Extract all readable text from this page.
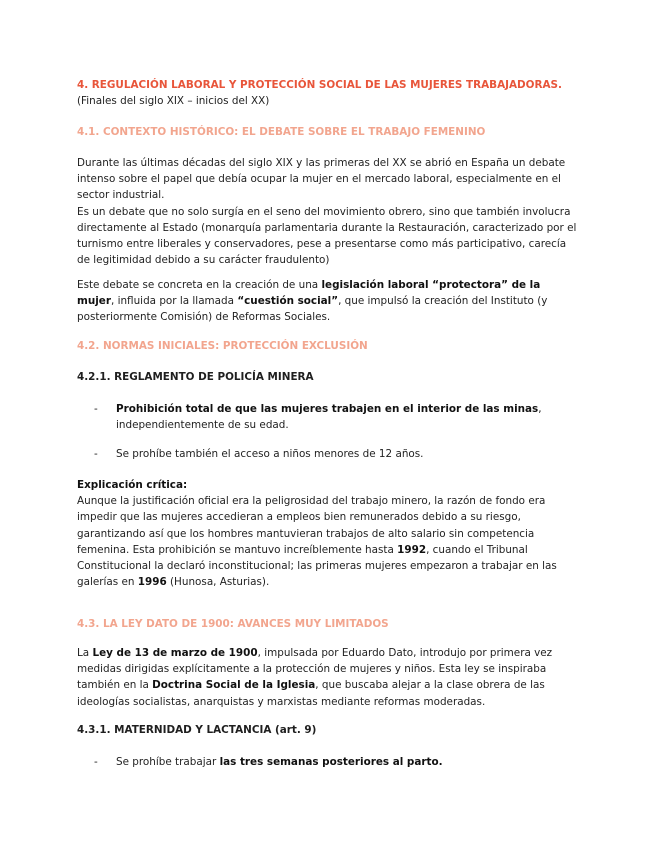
4. REGULACIÓN LABORAL Y PROTECCIÓN SOCIAL DE LAS MUJERES TRABAJADORAS.
(Finales del siglo XIX – inicios del XX)
4.1. CONTEXTO HISTÓRICO: EL DEBATE SOBRE EL TRABAJO FEMENINO

Durante las últimas décadas del siglo XIX y las primeras del XX se abrió en España un debate intenso sobre el papel que debía ocupar la mujer en el mercado laboral, especialmente en el sector industrial.

Es un debate que no solo surgía en el seno del movimiento obrero, sino que también involucra directamente al Estado (monarquía parlamentaria durante la Restauración, caracterizado por el turnismo entre liberales y conservadores, pese a presentarse como más participativo, carecía de legitimidad debido a su carácter fraudulento)

Este debate se concreta en la creación de una legislación laboral “protectora” de la mujer, influida por la llamada “cuestión social”, que impulsó la creación del Instituto (y posteriormente Comisión) de Reformas Sociales.
4.2. NORMAS INICIALES: PROTECCIÓN EXCLUSIÓN
4.2.1. REGLAMENTO DE POLICÍA MINERA
- Prohibición total de que las mujeres trabajen en el interior de las minas, independientemente de su edad.
- Se prohíbe también el acceso a niños menores de 12 años.
Explicación crítica:
Aunque la justificación oficial era la peligrosidad del trabajo minero, la razón de fondo era impedir que las mujeres accedieran a empleos bien remunerados debido a su riesgo, garantizando así que los hombres mantuvieran trabajos de alto salario sin competencia femenina. Esta prohibición se mantuvo increíblemente hasta 1992, cuando el Tribunal Constitucional la declaró inconstitucional; las primeras mujeres empezaron a trabajar en las galerías en 1996 (Hunosa, Asturias).
4.3. LA LEY DATO DE 1900: AVANCES MUY LIMITADOS
La Ley de 13 de marzo de 1900, impulsada por Eduardo Dato, introdujo por primera vez medidas dirigidas explícitamente a la protección de mujeres y niños. Esta ley se inspiraba también en la Doctrina Social de la Iglesia, que buscaba alejar a la clase obrera de las ideologías socialistas, anarquistas y marxistas mediante reformas moderadas.
4.3.1. MATERNIDAD Y LACTANCIA (art. 9)
- Se prohíbe trabajar las tres semanas posteriores al parto.
